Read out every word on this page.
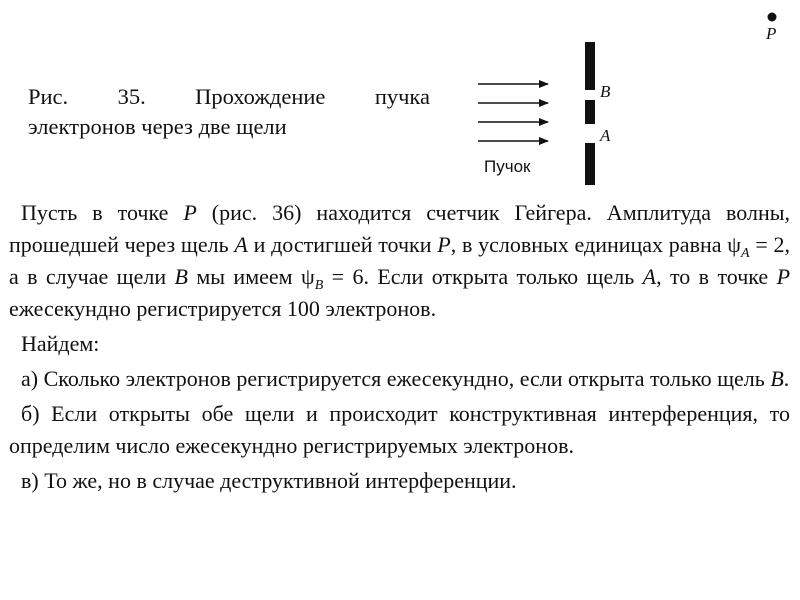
Рис. 35. Прохождение пучка
электронов через две щели
P
B
A
Пучок

Пусть в точке P (рис. 36) находится счетчик Гейгера. Амплитуда волны, прошедшей через щель A и достигшей точки P, в условных единицах равна $\psi_A = 2$, а в случае щели B мы имеем $\psi_B = 6$. Если открыта только щель A, то в точке P ежесекундно регистрируется 100 электронов.

Найдем:

а) Сколько электронов регистрируется ежесекундно, если открыта только щель B.

б) Если открыты обе щели и происходит конструктивная интерференция, то определим число ежесекундно регистрируемых электронов.

в) То же, но в случае деструктивной интерференции.
